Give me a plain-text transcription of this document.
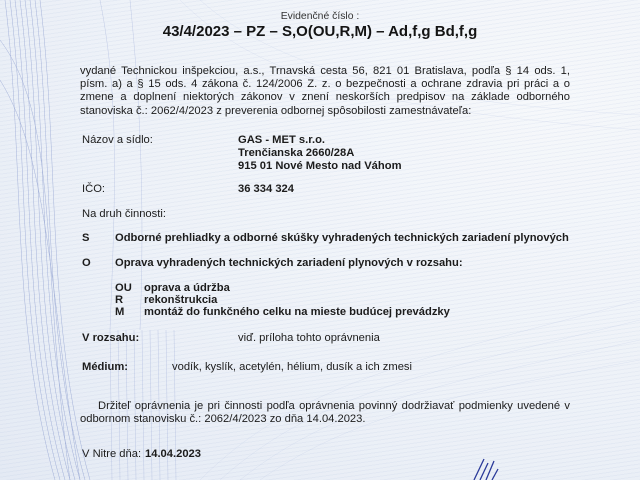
Evidenčné číslo :
43/4/2023 – PZ – S,O(OU,R,M) – Ad,f,g Bd,f,g
vydané Technickou inšpekciou, a.s., Trnavská cesta 56, 821 01 Bratislava, podľa § 14 ods. 1, písm. a) a § 15 ods. 4 zákona č. 124/2006 Z. z. o bezpečnosti a ochrane zdravia pri práci a o zmene a doplnení niektorých zákonov v znení neskorších predpisov na základe odborného stanoviska č.: 2062/4/2023 z preverenia odbornej spôsobilosti zamestnávateľa:
Názov a sídlo:	GAS - MET s.r.o.
Trenčianska 2660/28A
915 01 Nové Mesto nad Váhom
IČO:	36 334 324
Na druh činnosti:
S Odborné prehliadky a odborné skúšky vyhradených technických zariadení plynových
O Oprava vyhradených technických zariadení plynových v rozsahu:
OU oprava a údržba
R rekonštrukcia
M montáž do funkčného celku na mieste budúcej prevádzky
V rozsahu:	viď. príloha tohto oprávnenia
Médium:	vodík, kyslík, acetylén, hélium, dusík a ich zmesi
Držiteľ oprávnenia je pri činnosti podľa oprávnenia povinný dodržiavať podmienky uvedené v odbornom stanovisku č.: 2062/4/2023 zo dňa 14.04.2023.
V Nitre dňa: 14.04.2023
